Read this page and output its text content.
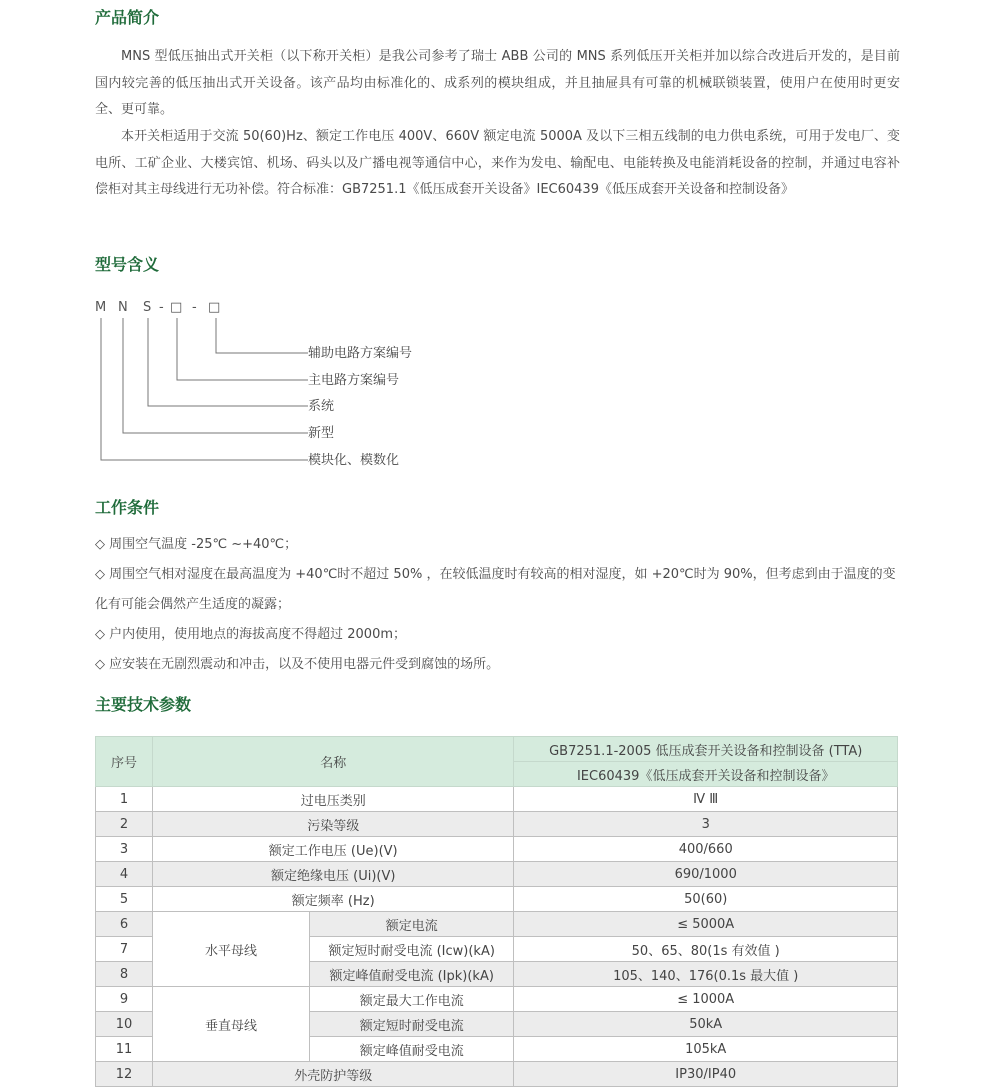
产品简介

MNS 型低压抽出式开关柜（以下称开关柜）是我公司参考了瑞士 ABB 公司的 MNS 系列低压开关柜并加以综合改进后开发的，是目前国内较完善的低压抽出式开关设备。该产品均由标准化的、成系列的模块组成，并且抽屉具有可靠的机械联锁装置，使用户在使用时更安全、更可靠。

本开关柜适用于交流 50(60)Hz、额定工作电压 400V、660V 额定电流 5000A 及以下三相五线制的电力供电系统，可用于发电厂、变电所、工矿企业、大楼宾馆、机场、码头以及广播电视等通信中心，来作为发电、输配电、电能转换及电能消耗设备的控制，并通过电容补偿柜对其主母线进行无功补偿。符合标准：GB7251.1《低压成套开关设备》IEC60439《低压成套开关设备和控制设备》

型号含义
M N S - □ - □
辅助电路方案编号
主电路方案编号
系统
新型
模块化、模数化
工作条件

◇ 周围空气温度 -25℃ ~+40℃；

◇ 周围空气相对湿度在最高温度为 +40℃时不超过 50% ，在较低温度时有较高的相对湿度，如 +20℃时为 90%，但考虑到由于温度的变化有可能会偶然产生适度的凝露；

◇ 户内使用，使用地点的海拔高度不得超过 2000m；

◇ 应安装在无剧烈震动和冲击，以及不使用电器元件受到腐蚀的场所。

主要技术参数
序号	名称		GB7251.1-2005 低压成套开关设备和控制设备 (TTA)
			IEC60439《低压成套开关设备和控制设备》
1	过电压类别		Ⅳ Ⅲ
2	污染等级		3
3	额定工作电压 (Ue)(V)		400/660
4	额定绝缘电压 (Ui)(V)		690/1000
5	额定频率 (Hz)		50(60)
6	水平母线	额定电流	≤ 5000A
7		额定短时耐受电流 (Icw)(kA)	50、65、80(1s 有效值 )
8		额定峰值耐受电流 (Ipk)(kA)	105、140、176(0.1s 最大值 )
9	垂直母线	额定最大工作电流	≤ 1000A
10		额定短时耐受电流	50kA
11		额定峰值耐受电流	105kA
12	外壳防护等级		IP30/IP40
